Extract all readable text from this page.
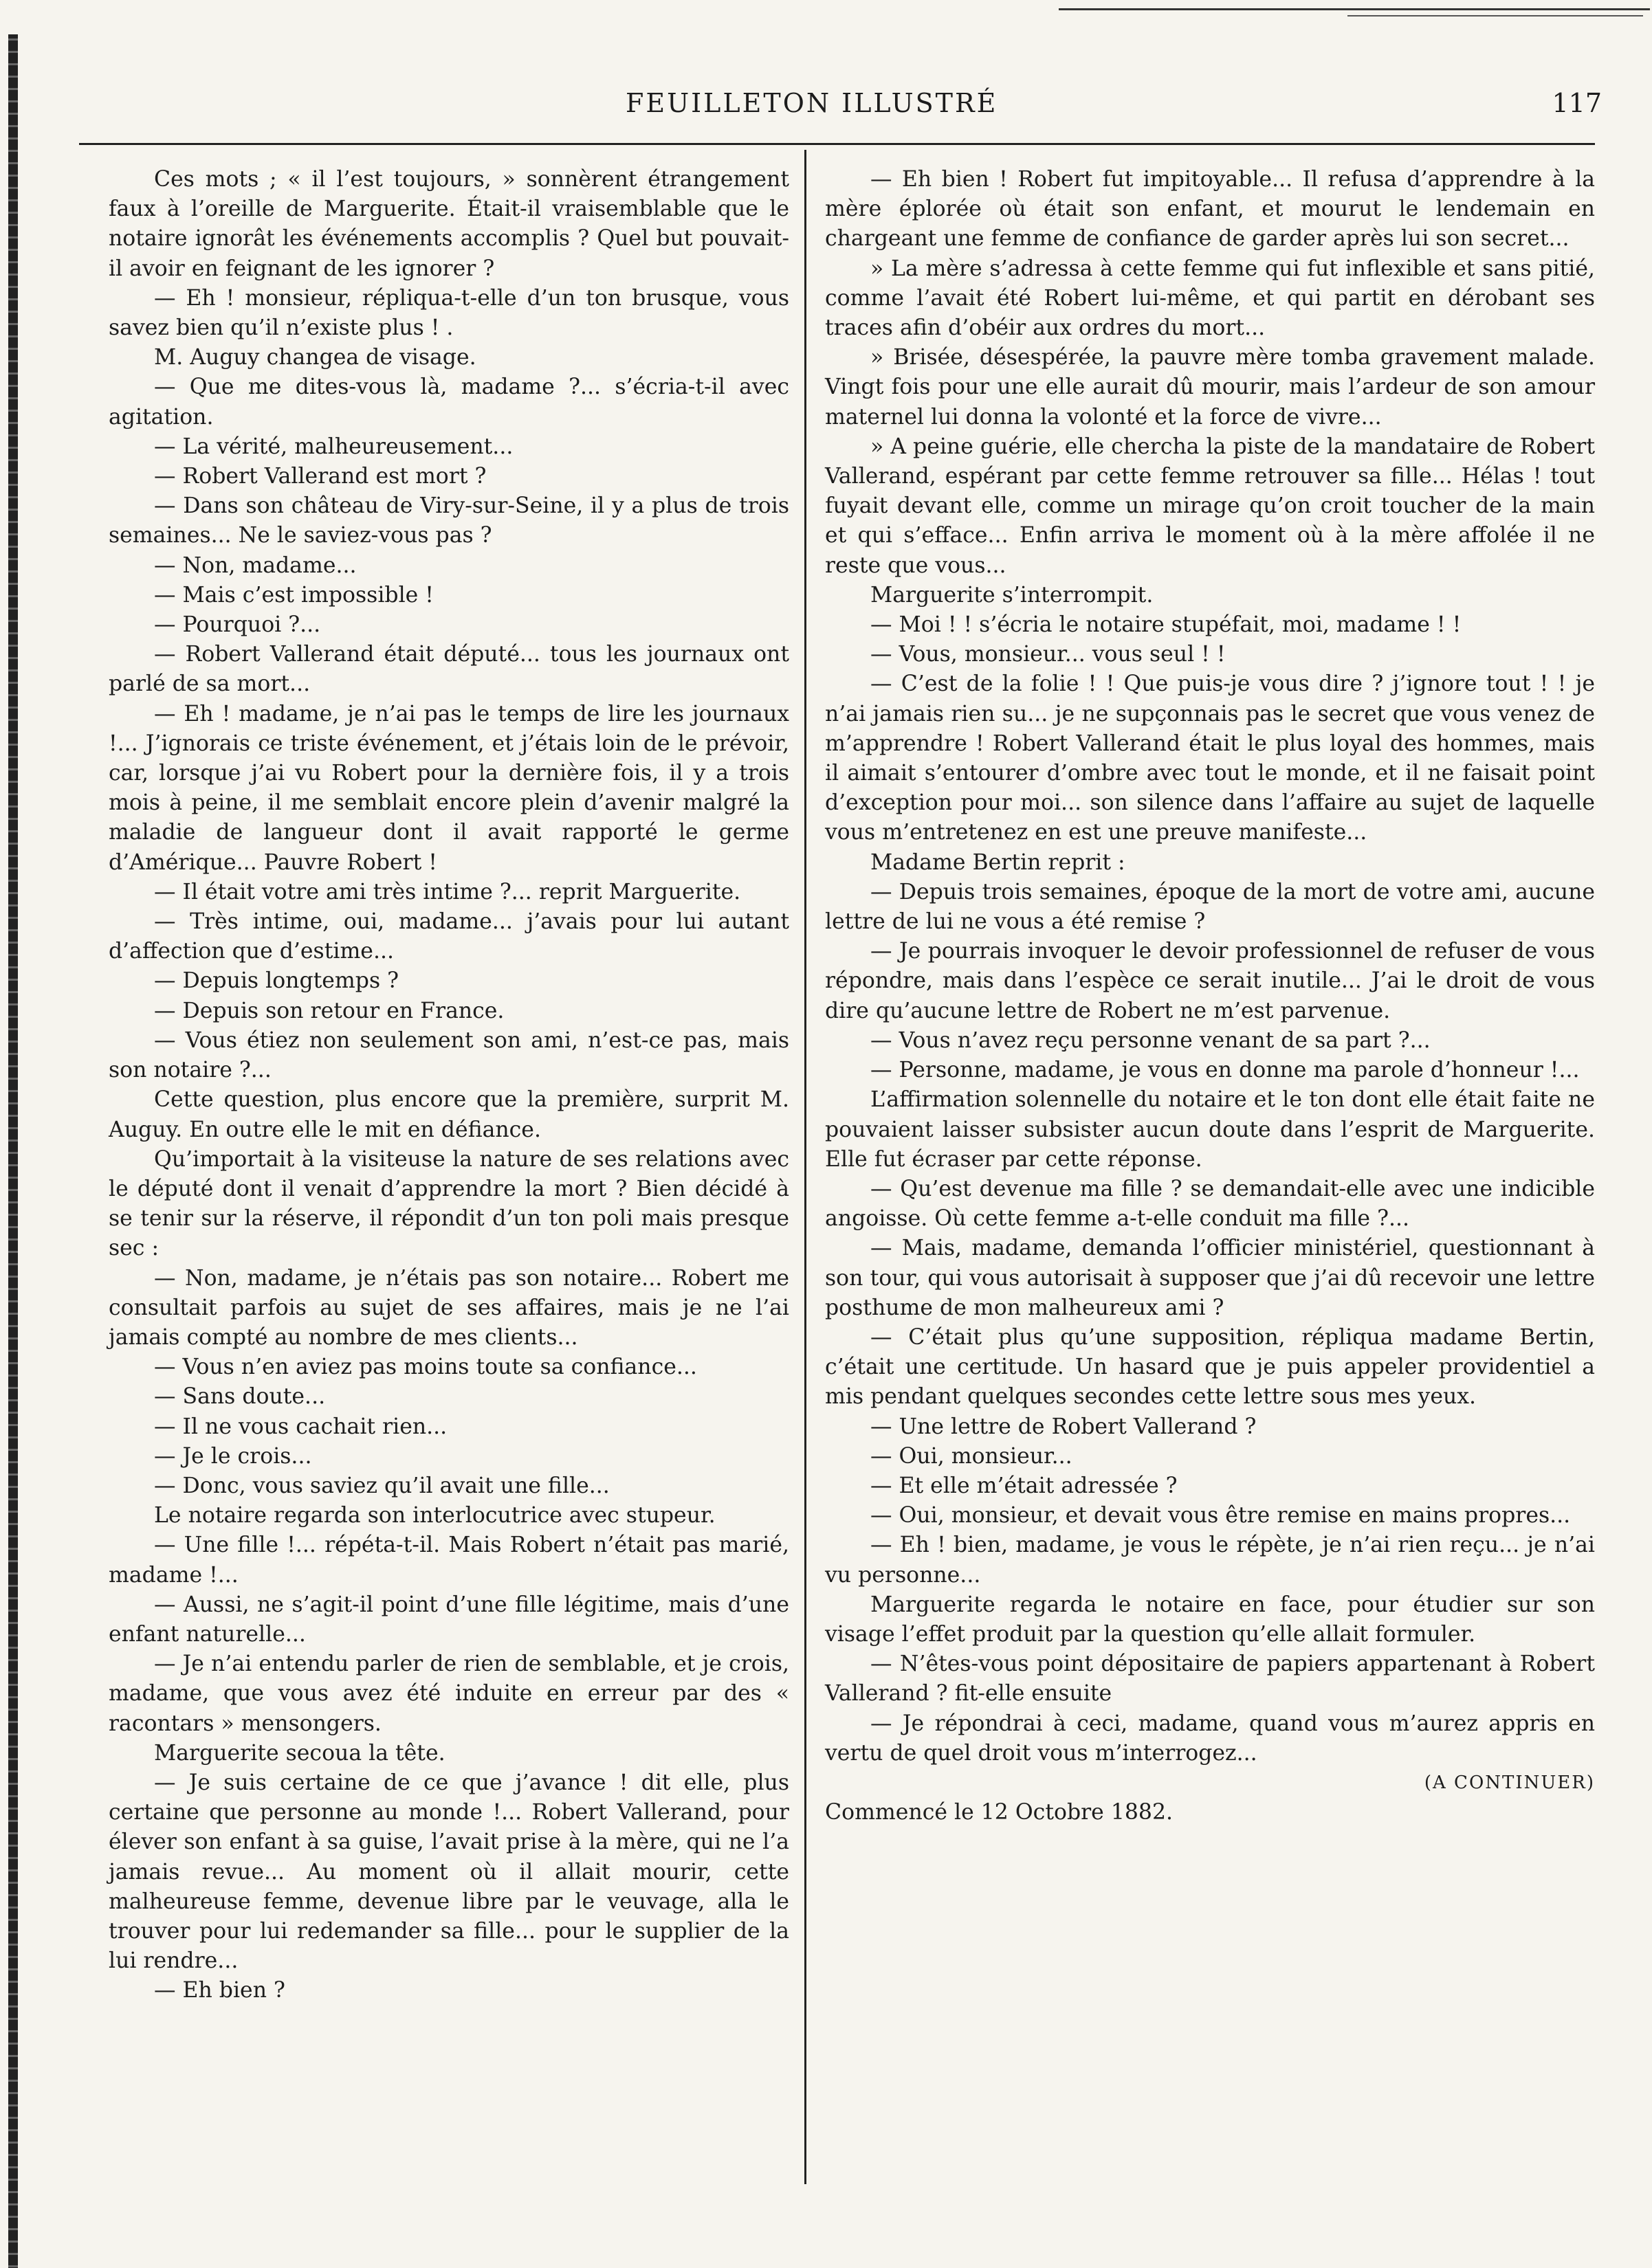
FEUILLETON ILLUSTRÉ	117

Ces mots ; « il l’est toujours, » sonnèrent étrangement faux à l’oreille de Marguerite. Était-il vraisemblable que le notaire ignorât les événements accomplis ? Quel but pouvait-il avoir en feignant de les ignorer ?

— Eh ! monsieur, répliqua-t-elle d’un ton brusque, vous savez bien qu’il n’existe plus ! .

M. Auguy changea de visage.

— Que me dites-vous là, madame ?... s’écria-t-il avec agitation.

— La vérité, malheureusement...

— Robert Vallerand est mort ?

— Dans son château de Viry-sur-Seine, il y a plus de trois semaines... Ne le saviez-vous pas ?

— Non, madame...

— Mais c’est impossible !

— Pourquoi ?...

— Robert Vallerand était député... tous les journaux ont parlé de sa mort...

— Eh ! madame, je n’ai pas le temps de lire les journaux !... J’ignorais ce triste événement, et j’étais loin de le prévoir, car, lorsque j’ai vu Robert pour la dernière fois, il y a trois mois à peine, il me semblait encore plein d’avenir malgré la maladie de langueur dont il avait rapporté le germe d’Amérique... Pauvre Robert !

— Il était votre ami très intime ?... reprit Marguerite.

— Très intime, oui, madame... j’avais pour lui autant d’affection que d’estime...

— Depuis longtemps ?

— Depuis son retour en France.

— Vous étiez non seulement son ami, n’est-ce pas, mais son notaire ?...

Cette question, plus encore que la première, surprit M. Auguy. En outre elle le mit en défiance.

Qu’importait à la visiteuse la nature de ses relations avec le député dont il venait d’apprendre la mort ? Bien décidé à se tenir sur la réserve, il répondit d’un ton poli mais presque sec :

— Non, madame, je n’étais pas son notaire... Robert me consultait parfois au sujet de ses affaires, mais je ne l’ai jamais compté au nombre de mes clients...

— Vous n’en aviez pas moins toute sa confiance...

— Sans doute...

— Il ne vous cachait rien...

— Je le crois...

— Donc, vous saviez qu’il avait une fille...

Le notaire regarda son interlocutrice avec stupeur.

— Une fille !... répéta-t-il. Mais Robert n’était pas marié, madame !...

— Aussi, ne s’agit-il point d’une fille légitime, mais d’une enfant naturelle...

— Je n’ai entendu parler de rien de semblable, et je crois, madame, que vous avez été induite en erreur par des « racontars » mensongers.

Marguerite secoua la tête.

— Je suis certaine de ce que j’avance ! dit elle, plus certaine que personne au monde !... Robert Vallerand, pour élever son enfant à sa guise, l’avait prise à la mère, qui ne l’a jamais revue... Au moment où il allait mourir, cette malheureuse femme, devenue libre par le veuvage, alla le trouver pour lui redemander sa fille... pour le supplier de la lui rendre...

— Eh bien ?

— Eh bien ! Robert fut impitoyable... Il refusa d’apprendre à la mère éplorée où était son enfant, et mourut le lendemain en chargeant une femme de confiance de garder après lui son secret...

» La mère s’adressa à cette femme qui fut inflexible et sans pitié, comme l’avait été Robert lui-même, et qui partit en dérobant ses traces afin d’obéir aux ordres du mort...

» Brisée, désespérée, la pauvre mère tomba gravement malade. Vingt fois pour une elle aurait dû mourir, mais l’ardeur de son amour maternel lui donna la volonté et la force de vivre...

» A peine guérie, elle chercha la piste de la mandataire de Robert Vallerand, espérant par cette femme retrouver sa fille... Hélas ! tout fuyait devant elle, comme un mirage qu’on croit toucher de la main et qui s’efface... Enfin arriva le moment où à la mère affolée il ne reste que vous...

Marguerite s’interrompit.

— Moi ! ! s’écria le notaire stupéfait, moi, madame ! !

— Vous, monsieur... vous seul ! !

— C’est de la folie ! ! Que puis-je vous dire ? j’ignore tout ! ! je n’ai jamais rien su... je ne supçonnais pas le secret que vous venez de m’apprendre ! Robert Vallerand était le plus loyal des hommes, mais il aimait s’entourer d’ombre avec tout le monde, et il ne faisait point d’exception pour moi... son silence dans l’affaire au sujet de laquelle vous m’entretenez en est une preuve manifeste...

Madame Bertin reprit :

— Depuis trois semaines, époque de la mort de votre ami, aucune lettre de lui ne vous a été remise ?

— Je pourrais invoquer le devoir professionnel de refuser de vous répondre, mais dans l’espèce ce serait inutile... J’ai le droit de vous dire qu’aucune lettre de Robert ne m’est parvenue.

— Vous n’avez reçu personne venant de sa part ?...

— Personne, madame, je vous en donne ma parole d’honneur !...

L’affirmation solennelle du notaire et le ton dont elle était faite ne pouvaient laisser subsister aucun doute dans l’esprit de Marguerite. Elle fut écraser par cette réponse.

— Qu’est devenue ma fille ? se demandait-elle avec une indicible angoisse. Où cette femme a-t-elle conduit ma fille ?...

— Mais, madame, demanda l’officier ministériel, questionnant à son tour, qui vous autorisait à supposer que j’ai dû recevoir une lettre posthume de mon malheureux ami ?

— C’était plus qu’une supposition, répliqua madame Bertin, c’était une certitude. Un hasard que je puis appeler providentiel a mis pendant quelques secondes cette lettre sous mes yeux.

— Une lettre de Robert Vallerand ?

— Oui, monsieur...

— Et elle m’était adressée ?

— Oui, monsieur, et devait vous être remise en mains propres...

— Eh ! bien, madame, je vous le répète, je n’ai rien reçu... je n’ai vu personne...

Marguerite regarda le notaire en face, pour étudier sur son visage l’effet produit par la question qu’elle allait formuler.

— N’êtes-vous point dépositaire de papiers appartenant à Robert Vallerand ? fit-elle ensuite

— Je répondrai à ceci, madame, quand vous m’aurez appris en vertu de quel droit vous m’interrogez...

(A CONTINUER)

Commencé le 12 Octobre 1882.
